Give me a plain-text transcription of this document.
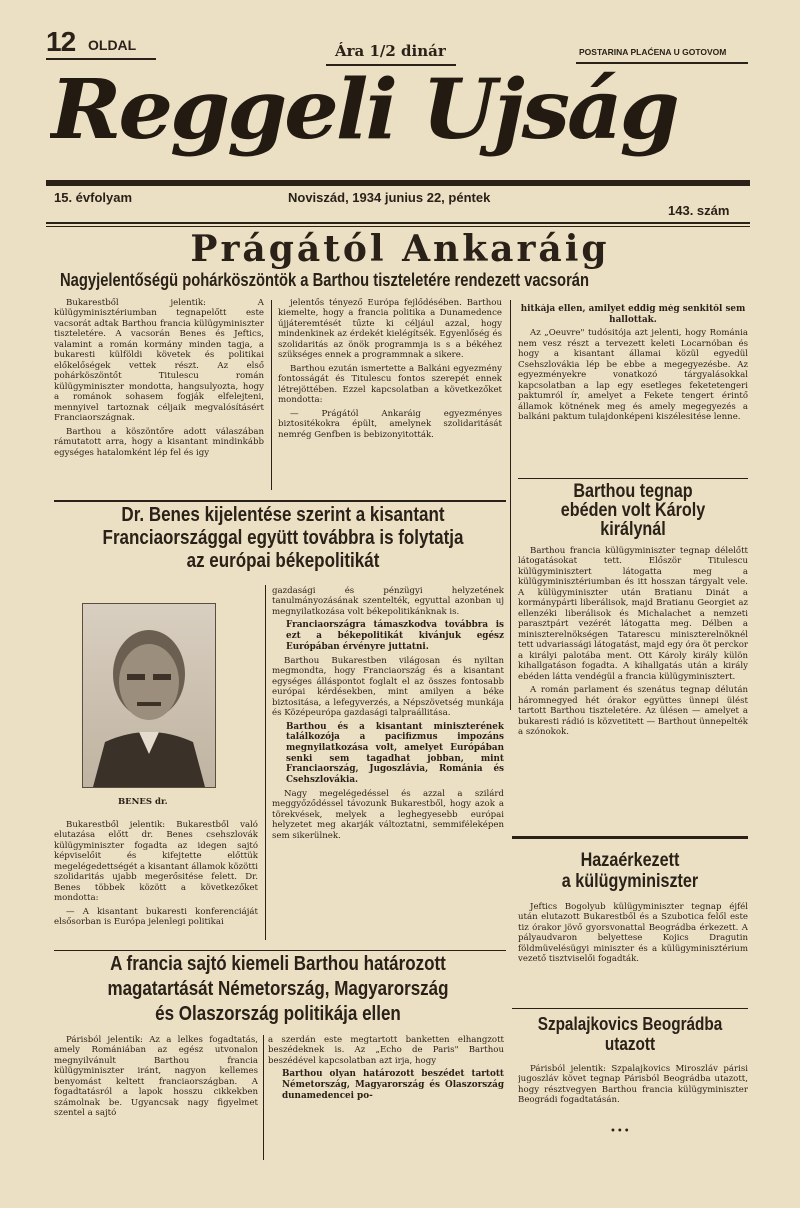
12 OLDAL	Ára 1/2 dinár	POSTARINA PLAĆENA U GOTOVOM
Reggeli Ujság
15. évfolyam	Noviszád, 1934 junius 22, péntek
143. szám
Prágától Ankaráig
Nagyjelentőségü pohárköszöntök a Barthou tiszteletére rendezett vacsorán

Bukarestből jelentik: A külügyminisztériumban tegnapelőtt este vacsorát adtak Barthou francia külügyminiszter tiszteletére. A vacsorán Benes és Jeftics, valamint a román kormány minden tagja, a bukaresti külföldi követek és politikai előkelőségek vettek részt. Az első pohárköszöntőt Titulescu román külügyminiszter mondotta, hangsulyozta, hogy a románok sohasem fogják elfelejteni, mennyivel tartoznak céljaik megvalósításért Franciaországnak.

Barthou a köszöntőre adott válaszában rámutatott arra, hogy a kisantant mindinkább egységes hatalomként lép fel és igy

jelentős tényező Európa fejlődésében. Barthou kiemelte, hogy a francia politika a Dunamedence újjáteremtését tűzte ki céljául azzal, hogy mindenkinek az érdekét kielégítsék. Egyenlőség és szolidaritás az önök programmja is s a békéhez szükséges ennek a programmnak a sikere.

Barthou ezután ismertette a Balkáni egyezmény fontosságát és Titulescu fontos szerepét ennek létrejöttében. Ezzel kapcsolatban a következőket mondotta:

— Prágától Ankaráig egyezményes biztositékokra épült, amelynek szolidaritását nemrég Genfben is bebizonyitották.

hitkája ellen, amilyet eddig még senkitől sem hallottak.

Az „Oeuvre" tudósitója azt jelenti, hogy Románia nem vesz részt a tervezett keleti Locarnóban és hogy a kisantant államai közül egyedül Csehszlovákia lép be ebbe a megegyezésbe. Az egyezményekre vonatkozó tárgyalásokkal kapcsolatban a lap egy esetleges feketetengeri paktumról ír, amelyet a Fekete tengert érintő államok kötnének meg és amely megegyezés a balkáni paktum tulajdonképeni kiszélesitése lenne.

Dr. Benes kijelentése szerint a kisantant
Franciaországgal együtt továbbra is folytatja
az európai békepolitikát
BENES dr.

Bukarestből jelentik: Bukarestből való elutazása előtt dr. Benes csehszlovák külügyminiszter fogadta az idegen sajtó képviselőit és kifejtette előttük megelégedettségét a kisantant államok közötti szolidaritás ujabb megerősitése felett. Dr. Benes többek között a következőket mondotta:

— A kisantant bukaresti konferenciáját elsősorban is Európa jelenlegi politikai

gazdasági és pénzügyi helyzetének tanulmányozásának szentelték, egyuttal azonban uj megnyilatkozása volt békepolitikánknak is.

Franciaországra támaszkodva továbbra is ezt a békepolitikát kivánjuk egész Európában érvényre juttatni.

Barthou Bukarestben világosan és nyiltan megmondta, hogy Franciaország és a kisantant egységes álláspontot foglalt el az összes fontosabb európai kérdésekben, mint amilyen a béke biztositása, a lefegyverzés, a Népszövetség munkája és Középeurópa gazdasági talpraállitása.

Barthou és a kisantant miniszterének találkozója a pacifizmus impozáns megnyilatkozása volt, amelyet Európában senki sem tagadhat jobban, mint Franciaország, Jugoszlávia, Románia és Csehszlovákia.

Nagy megelégedéssel és azzal a szilárd meggyőződéssel távozunk Bukarestből, hogy azok a törekvések, melyek a leghegyesebb európai helyzetet meg akarják változtatni, semmiféleképen sem sikerülnek.

A francia sajtó kiemeli Barthou határozott
magatartását Németország, Magyarország
és Olaszország politikája ellen

Párisból jelentik: Az a lelkes fogadtatás, amely Romániában az egész utvonalon megnyilvánult Barthou francia külügyminiszter iránt, nagyon kellemes benyomást keltett franciaországban. A fogadtatásról a lapok hosszu cikkekben számolnak be. Ugyancsak nagy figyelmet szentel a sajtó

a szerdán este megtartott banketten elhangzott beszédeknek is. Az „Echo de Paris" Barthou beszédével kapcsolatban azt irja, hogy

Barthou olyan határozott beszédet tartott Németország, Magyarország és Olaszország dunamedencei po-

Barthou tegnap ebéden volt Károly királynál

Barthou francia külügyminiszter tegnap délelőtt látogatásokat tett. Először Titulescu külügyminisztert látogatta meg a külügyminisztériumban és itt hosszan tárgyalt vele. A külügyminiszter után Bratianu Dinát a kormánypárti liberálisok, majd Bratianu Georgiet az ellenzéki liberálisok és Michalachet a nemzeti parasztpárt vezérét látogatta meg. Délben a miniszterelnökségen Tatarescu miniszterelnöknél tett udvariassági látogatást, majd egy óra öt perckor a királyi palotába ment. Ott Károly király külön kihallgatáson fogadta. A kihallgatás után a király ebéden látta vendégül a francia külügyminisztert.

A román parlament és szenátus tegnap délután háromnegyed hét órakor együttes ünnepi ülést tartott Barthou tiszteletére. Az ülésen — amelyet a bukaresti rádió is közvetitett — Barthout ünnepelték a szónokok.

Hazaérkezett
a külügyminiszter

Jeftics Bogolyub külügyminiszter tegnap éjfél után elutazott Bukarestből és a Szubotica felől este tiz órakor jövő gyorsvonattal Beográdba érkezett. A pályaudvaron belyettese Kojics Dragutin földmüvelésügyi miniszter és a külügyminisztérium vezető tisztviselői fogadták.

Szpalajkovics Beográdba
utazott

Párisból jelentik: Szpalajkovics Miroszláv párisi jugoszláv követ tegnap Párisból Beográdba utazott, hogy résztvegyen Barthou francia külügyminiszter Beográdi fogadtatásán.

•••
